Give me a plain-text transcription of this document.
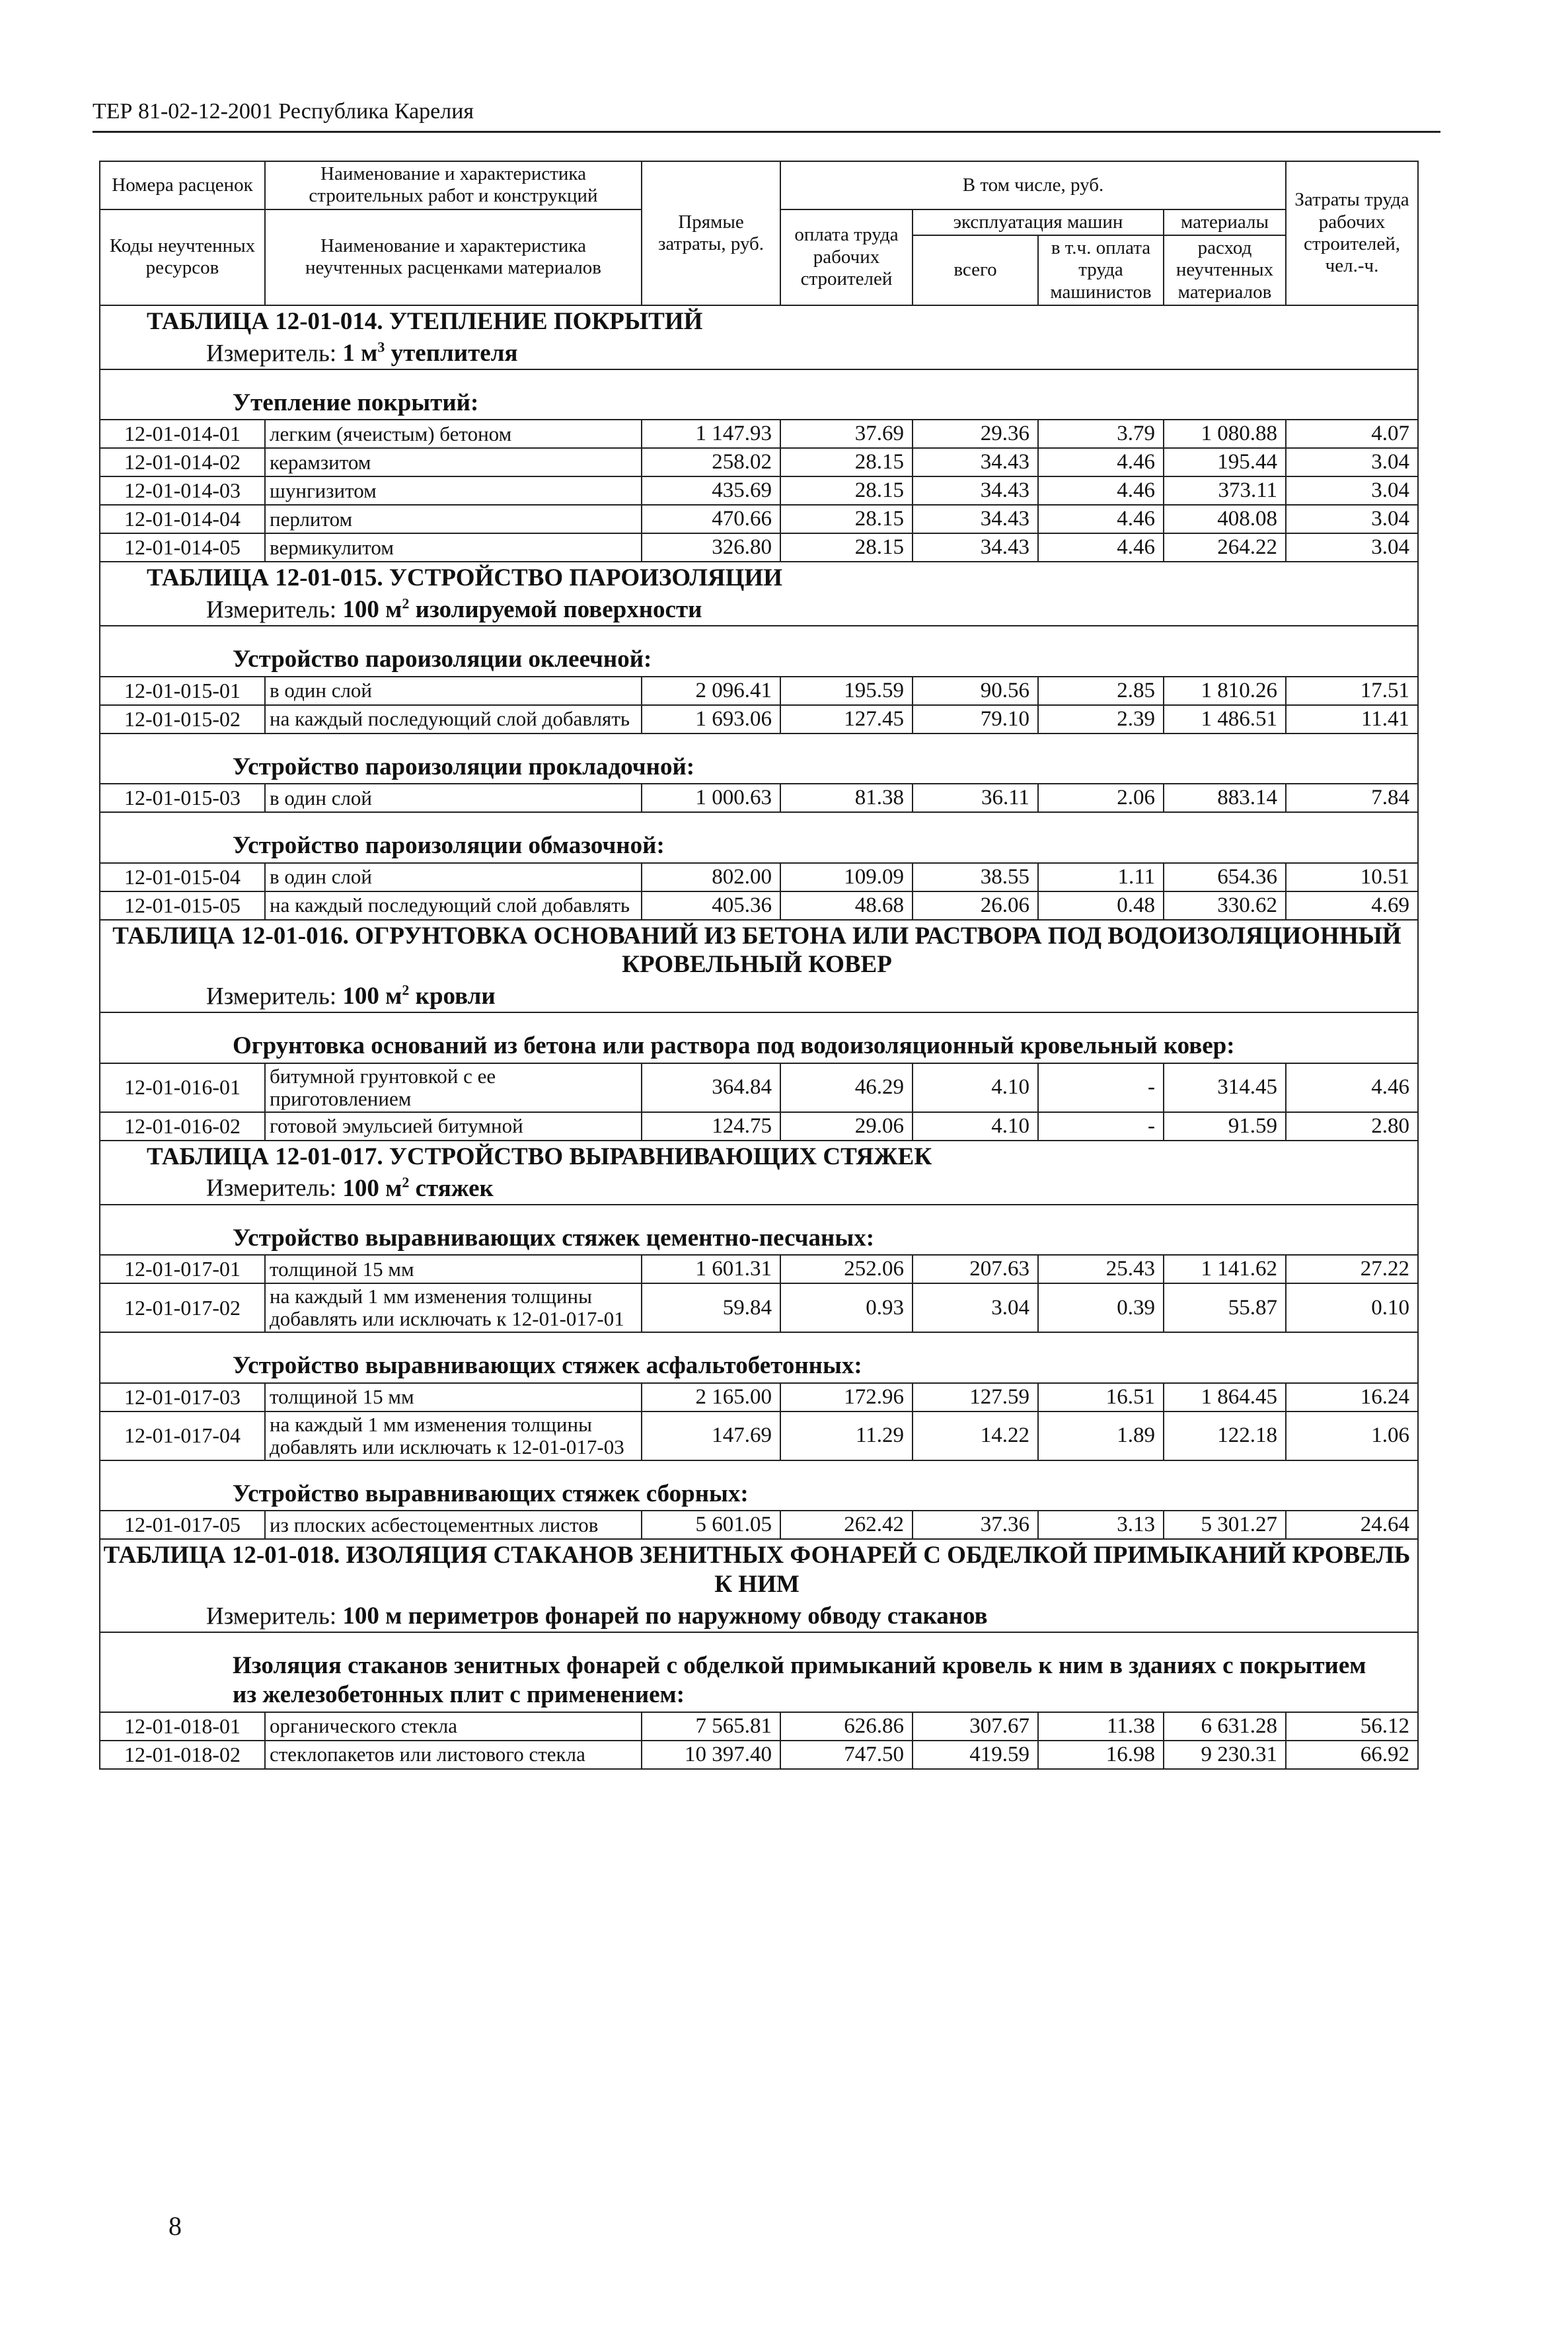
ТЕР 81-02-12-2001 Республика Карелия
Номера расценок	Наименование и характеристика строительных работ и конструкций	Прямые затраты, руб.	В том числе, руб.				Затраты труда рабочих строителей, чел.-ч.
Коды неучтенных ресурсов	Наименование и характеристика неучтенных расценками материалов		оплата труда рабочих строителей	эксплуатация машин		материалы	
				всего	в т.ч. оплата труда машинистов	расход неучтенных материалов	
ТАБЛИЦА 12-01-014. УТЕПЛЕНИЕ ПОКРЫТИЙ							
Измеритель: 1 $м^3$ утеплителя							

Утепление покрытий:							
12-01-014-01	легким (ячеистым) бетоном	1 147.93	37.69	29.36	3.79	1 080.88	4.07
12-01-014-02	керамзитом	258.02	28.15	34.43	4.46	195.44	3.04
12-01-014-03	шунгизитом	435.69	28.15	34.43	4.46	373.11	3.04
12-01-014-04	перлитом	470.66	28.15	34.43	4.46	408.08	3.04
12-01-014-05	вермикулитом	326.80	28.15	34.43	4.46	264.22	3.04
ТАБЛИЦА 12-01-015. УСТРОЙСТВО ПАРОИЗОЛЯЦИИ							
Измеритель: 100 $м^2$ изолируемой поверхности							

Устройство пароизоляции оклеечной:							
12-01-015-01	в один слой	2 096.41	195.59	90.56	2.85	1 810.26	17.51
12-01-015-02	на каждый последующий слой добавлять	1 693.06	127.45	79.10	2.39	1 486.51	11.41

Устройство пароизоляции прокладочной:							
12-01-015-03	в один слой	1 000.63	81.38	36.11	2.06	883.14	7.84

Устройство пароизоляции обмазочной:							
12-01-015-04	в один слой	802.00	109.09	38.55	1.11	654.36	10.51
12-01-015-05	на каждый последующий слой добавлять	405.36	48.68	26.06	0.48	330.62	4.69
ТАБЛИЦА 12-01-016. ОГРУНТОВКА ОСНОВАНИЙ ИЗ БЕТОНА ИЛИ РАСТВОРА ПОД ВОДОИЗОЛЯЦИОННЫЙ КРОВЕЛЬНЫЙ КОВЕР							
Измеритель: 100 $м^2$ кровли							

Огрунтовка оснований из бетона или раствора под водоизоляционный кровельный ковер:							
12-01-016-01	битумной грунтовкой с ее приготовлением	364.84	46.29	4.10	-	314.45	4.46
12-01-016-02	готовой эмульсией битумной	124.75	29.06	4.10	-	91.59	2.80
ТАБЛИЦА 12-01-017. УСТРОЙСТВО ВЫРАВНИВАЮЩИХ СТЯЖЕК							
Измеритель: 100 $м^2$ стяжек							

Устройство выравнивающих стяжек цементно-песчаных:							
12-01-017-01	толщиной 15 мм	1 601.31	252.06	207.63	25.43	1 141.62	27.22
12-01-017-02	на каждый 1 мм изменения толщины добавлять или исключать к 12-01-017-01	59.84	0.93	3.04	0.39	55.87	0.10

Устройство выравнивающих стяжек асфальтобетонных:							
12-01-017-03	толщиной 15 мм	2 165.00	172.96	127.59	16.51	1 864.45	16.24
12-01-017-04	на каждый 1 мм изменения толщины добавлять или исключать к 12-01-017-03	147.69	11.29	14.22	1.89	122.18	1.06

Устройство выравнивающих стяжек сборных:							
12-01-017-05	из плоских асбестоцементных листов	5 601.05	262.42	37.36	3.13	5 301.27	24.64
ТАБЛИЦА 12-01-018. ИЗОЛЯЦИЯ СТАКАНОВ ЗЕНИТНЫХ ФОНАРЕЙ С ОБДЕЛКОЙ ПРИМЫКАНИЙ КРОВЕЛЬ К НИМ							
Измеритель: 100 м периметров фонарей по наружному обводу стаканов							

Изоляция стаканов зенитных фонарей с обделкой примыканий кровель к ним в зданиях с покрытием из железобетонных плит с применением:							
12-01-018-01	органического стекла	7 565.81	626.86	307.67	11.38	6 631.28	56.12
12-01-018-02	стеклопакетов или листового стекла	10 397.40	747.50	419.59	16.98	9 230.31	66.92
8
